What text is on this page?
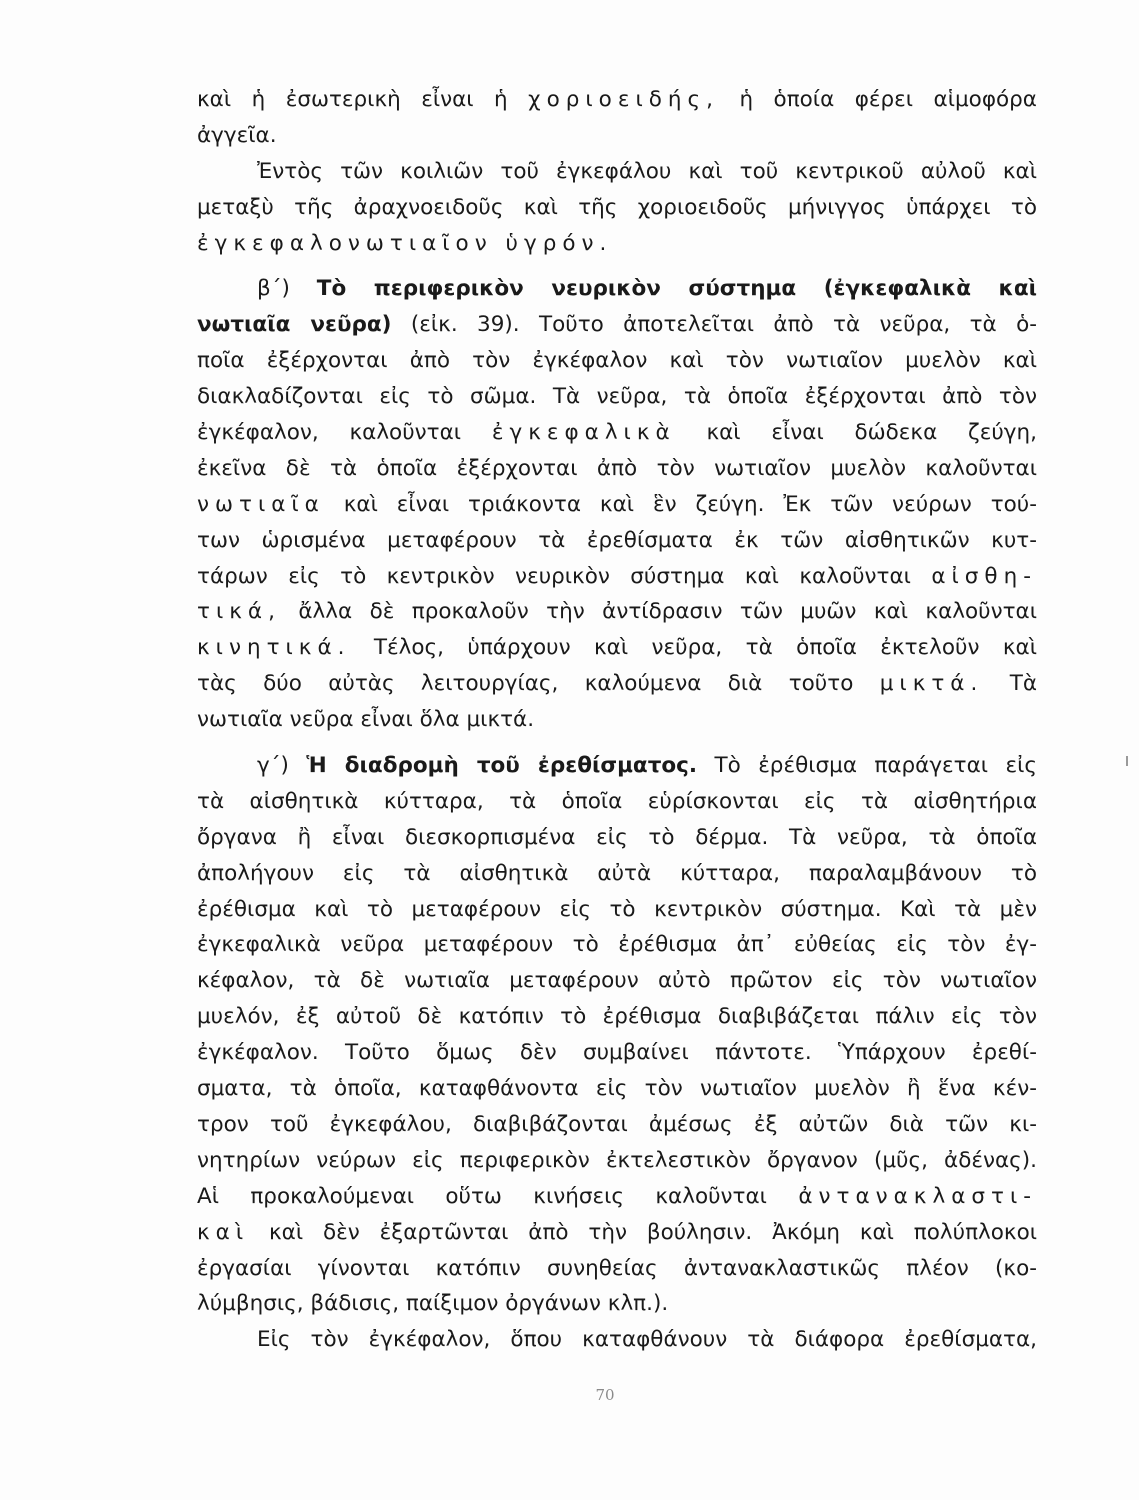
καὶ ἡ ἐσωτερικὴ εἶναι ἡ χοριοειδής, ἡ ὁποία φέρει αἱμοφόρα
ἀγγεῖα.
Ἐντὸς τῶν κοιλιῶν τοῦ ἐγκεφάλου καὶ τοῦ κεντρικοῦ αὐλοῦ καὶ
μεταξὺ τῆς ἀραχνοειδοῦς καὶ τῆς χοριοειδοῦς μήνιγγος ὑπάρχει τὸ
ἐγκεφαλονωτιαῖον ὑγρόν.
β΄) Τὸ περιφερικὸν νευρικὸν σύστημα (ἐγκεφαλικὰ καὶ
νωτιαῖα νεῦρα) (εἰκ. 39). Τοῦτο ἀποτελεῖται ἀπὸ τὰ νεῦρα, τὰ ὁ-
ποῖα ἐξέρχονται ἀπὸ τὸν ἐγκέφαλον καὶ τὸν νωτιαῖον μυελὸν καὶ
διακλαδίζονται εἰς τὸ σῶμα. Τὰ νεῦρα, τὰ ὁποῖα ἐξέρχονται ἀπὸ τὸν
ἐγκέφαλον, καλοῦνται ἐγκεφαλικὰ καὶ εἶναι δώδεκα ζεύγη,
ἐκεῖνα δὲ τὰ ὁποῖα ἐξέρχονται ἀπὸ τὸν νωτιαῖον μυελὸν καλοῦνται
νωτιαῖα καὶ εἶναι τριάκοντα καὶ ἓν ζεύγη. Ἐκ τῶν νεύρων τού-
των ὡρισμένα μεταφέρουν τὰ ἐρεθίσματα ἐκ τῶν αἰσθητικῶν κυτ-
τάρων εἰς τὸ κεντρικὸν νευρικὸν σύστημα καὶ καλοῦνται αἰσθη-
τικά, ἄλλα δὲ προκαλοῦν τὴν ἀντίδρασιν τῶν μυῶν καὶ καλοῦνται
κινητικά. Τέλος, ὑπάρχουν καὶ νεῦρα, τὰ ὁποῖα ἐκτελοῦν καὶ
τὰς δύο αὐτὰς λειτουργίας, καλούμενα διὰ τοῦτο μικτά. Τὰ
νωτιαῖα νεῦρα εἶναι ὅλα μικτά.
γ΄) Ἡ διαδρομὴ τοῦ ἐρεθίσματος. Τὸ ἐρέθισμα παράγεται εἰς
τὰ αἰσθητικὰ κύτταρα, τὰ ὁποῖα εὑρίσκονται εἰς τὰ αἰσθητήρια
ὄργανα ἢ εἶναι διεσκορπισμένα εἰς τὸ δέρμα. Τὰ νεῦρα, τὰ ὁποῖα
ἀπολήγουν εἰς τὰ αἰσθητικὰ αὐτὰ κύτταρα, παραλαμβάνουν τὸ
ἐρέθισμα καὶ τὸ μεταφέρουν εἰς τὸ κεντρικὸν σύστημα. Καὶ τὰ μὲν
ἐγκεφαλικὰ νεῦρα μεταφέρουν τὸ ἐρέθισμα ἀπ᾽ εὐθείας εἰς τὸν ἐγ-
κέφαλον, τὰ δὲ νωτιαῖα μεταφέρουν αὐτὸ πρῶτον εἰς τὸν νωτιαῖον
μυελόν, ἐξ αὐτοῦ δὲ κατόπιν τὸ ἐρέθισμα διαβιβάζεται πάλιν εἰς τὸν
ἐγκέφαλον. Τοῦτο ὅμως δὲν συμβαίνει πάντοτε. Ὑπάρχουν ἐρεθί-
σματα, τὰ ὁποῖα, καταφθάνοντα εἰς τὸν νωτιαῖον μυελὸν ἢ ἕνα κέν-
τρον τοῦ ἐγκεφάλου, διαβιβάζονται ἀμέσως ἐξ αὐτῶν διὰ τῶν κι-
νητηρίων νεύρων εἰς περιφερικὸν ἐκτελεστικὸν ὄργανον (μῦς, ἀδένας).
Αἱ προκαλούμεναι οὕτω κινήσεις καλοῦνται ἀντανακλαστι-
καὶ καὶ δὲν ἐξαρτῶνται ἀπὸ τὴν βούλησιν. Ἀκόμη καὶ πολύπλοκοι
ἐργασίαι γίνονται κατόπιν συνηθείας ἀντανακλαστικῶς πλέον (κο-
λύμβησις, βάδισις, παίξιμον ὀργάνων κλπ.).
Εἰς τὸν ἐγκέφαλον, ὅπου καταφθάνουν τὰ διάφορα ἐρεθίσματα,
70
